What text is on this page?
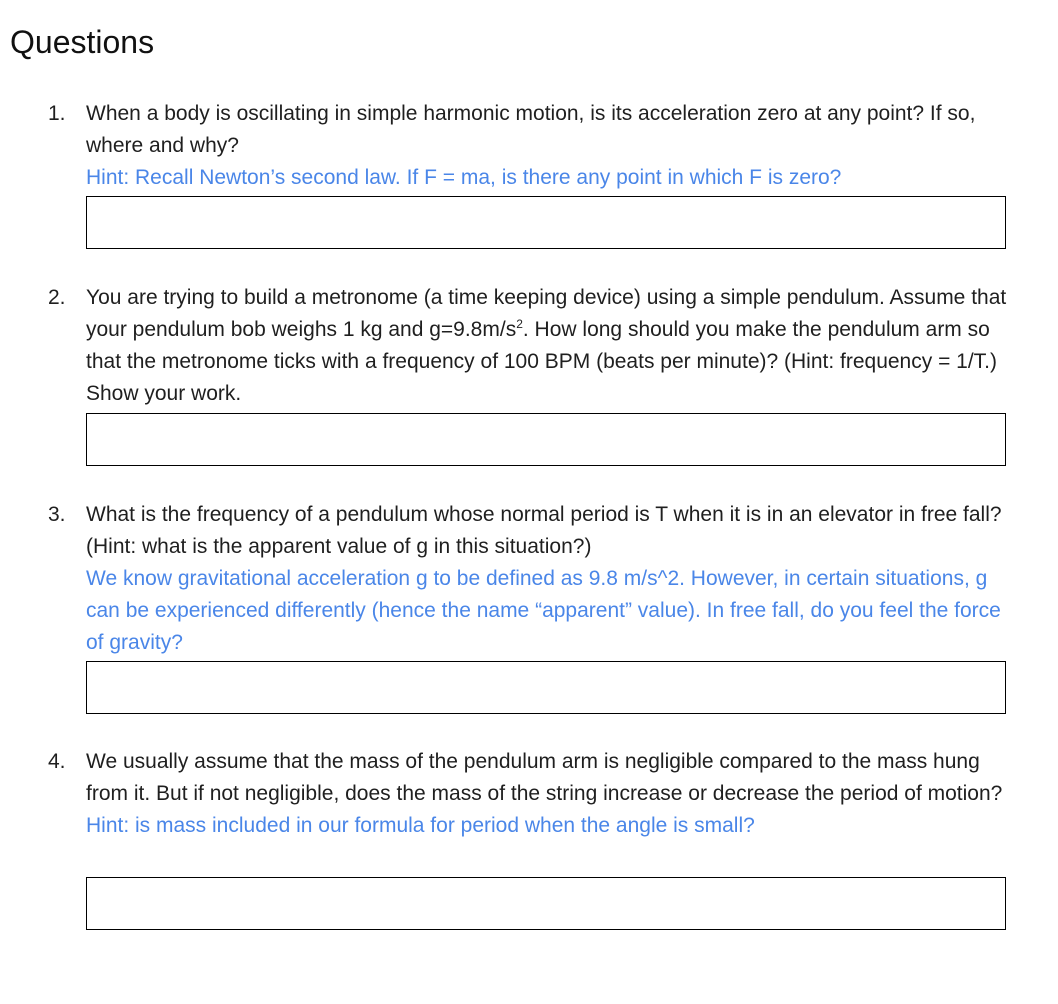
Questions
1. When a body is oscillating in simple harmonic motion, is its acceleration zero at any point? If so, where and why?

Hint: Recall Newton’s second law. If F = ma, is there any point in which F is zero?

2. You are trying to build a metronome (a time keeping device) using a simple pendulum. Assume that your pendulum bob weighs 1 kg and $g=9.8m/s^2$. How long should you make the pendulum arm so that the metronome ticks with a frequency of 100 BPM (beats per minute)? (Hint: frequency = 1/T.) Show your work.

3. What is the frequency of a pendulum whose normal period is T when it is in an elevator in free fall? (Hint: what is the apparent value of g in this situation?)

We know gravitational acceleration g to be defined as 9.8 m/s^2. However, in certain situations, g can be experienced differently (hence the name “apparent” value). In free fall, do you feel the force of gravity?

4. We usually assume that the mass of the pendulum arm is negligible compared to the mass hung from it. But if not negligible, does the mass of the string increase or decrease the period of motion?

Hint: is mass included in our formula for period when the angle is small?
